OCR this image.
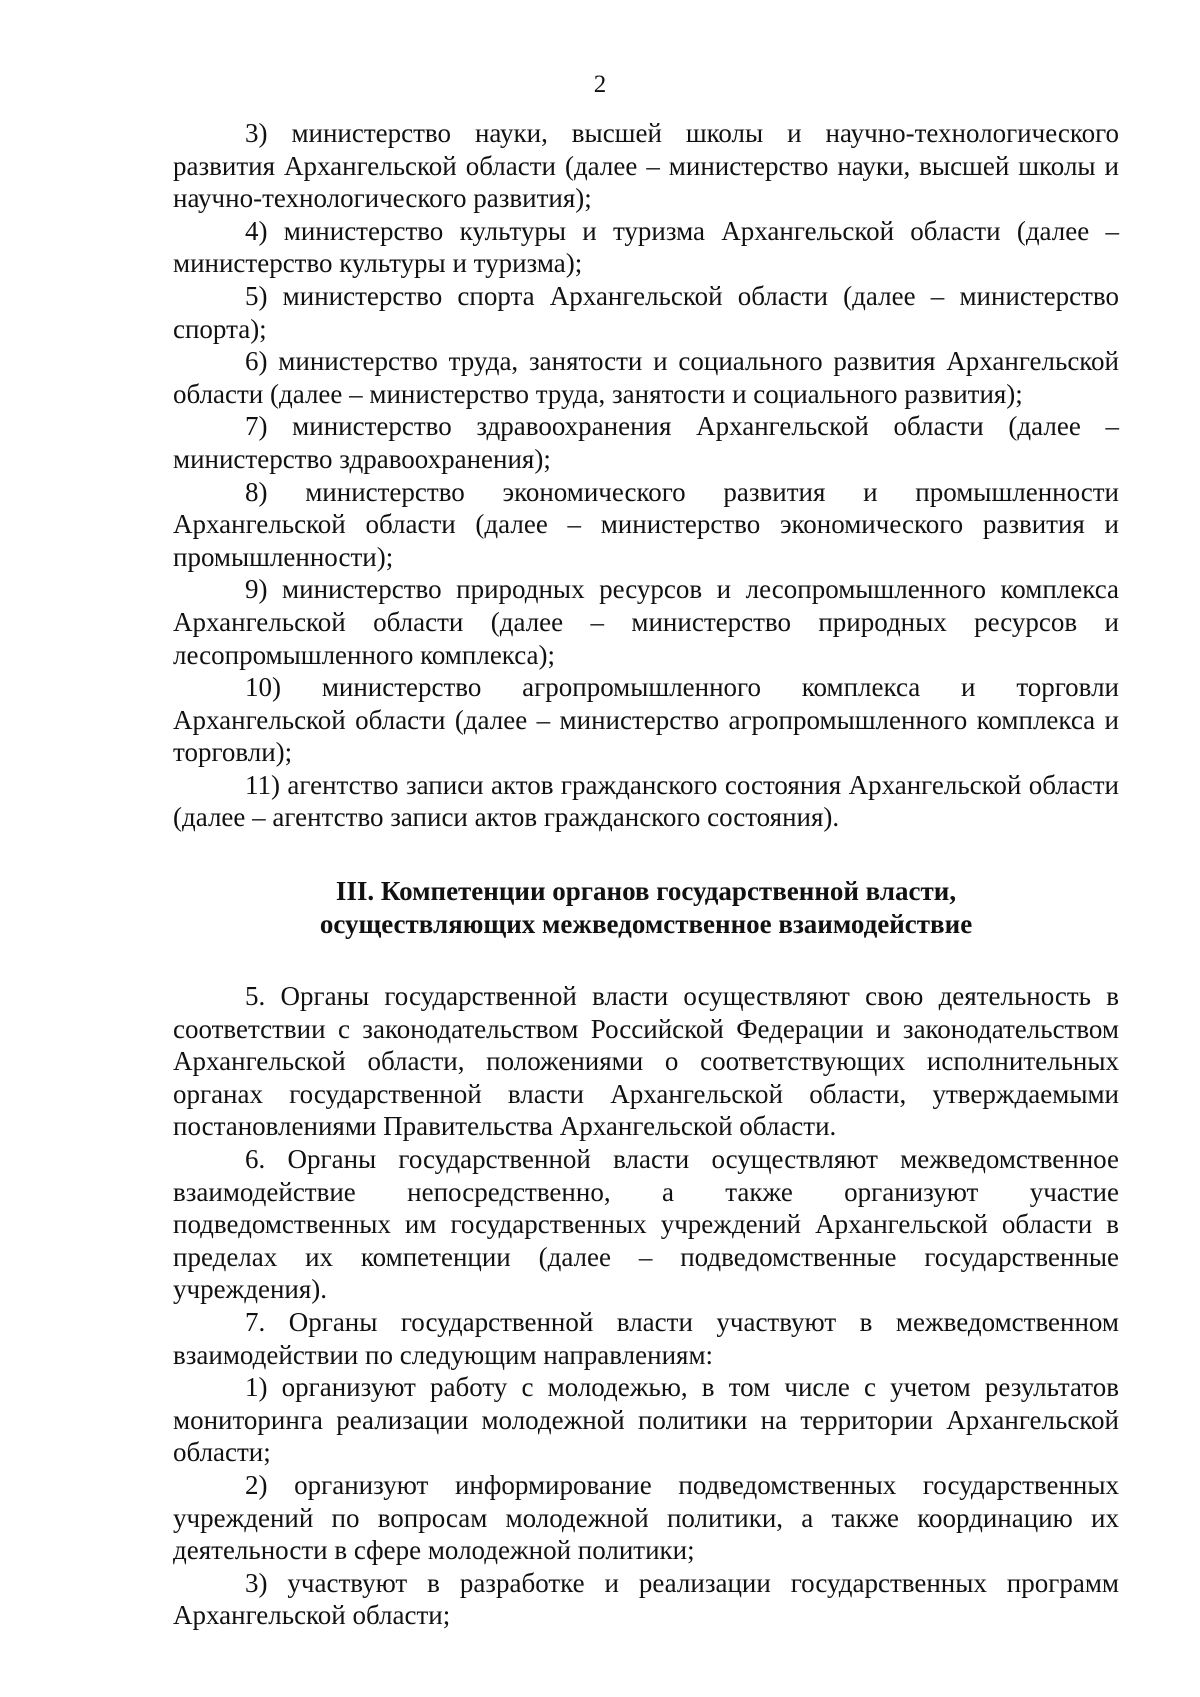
2

3) министерство науки, высшей школы и научно-технологического развития Архангельской области (далее – министерство науки, высшей школы и научно-технологического развития);

4) министерство культуры и туризма Архангельской области (далее – министерство культуры и туризма);

5) министерство спорта Архангельской области (далее – министерство спорта);

6) министерство труда, занятости и социального развития Архангельской области (далее – министерство труда, занятости и социального развития);

7) министерство здравоохранения Архангельской области (далее – министерство здравоохранения);

8) министерство экономического развития и промышленности Архангельской области (далее – министерство экономического развития и промышленности);

9) министерство природных ресурсов и лесопромышленного комплекса Архангельской области (далее – министерство природных ресурсов и лесопромышленного комплекса);

10) министерство агропромышленного комплекса и торговли Архангельской области (далее – министерство агропромышленного комплекса и торговли);

11) агентство записи актов гражданского состояния Архангельской области (далее – агентство записи актов гражданского состояния).

III. Компетенции органов государственной власти,
осуществляющих межведомственное взаимодействие

5. Органы государственной власти осуществляют свою деятельность в соответствии с законодательством Российской Федерации и законодательством Архангельской области, положениями о соответствующих исполнительных органах государственной власти Архангельской области, утверждаемыми постановлениями Правительства Архангельской области.

6. Органы государственной власти осуществляют межведомственное взаимодействие непосредственно, а также организуют участие подведомственных им государственных учреждений Архангельской области в пределах их компетенции (далее – подведомственные государственные учреждения).

7. Органы государственной власти участвуют в межведомственном взаимодействии по следующим направлениям:

1) организуют работу с молодежью, в том числе с учетом результатов мониторинга реализации молодежной политики на территории Архангельской области;

2) организуют информирование подведомственных государственных учреждений по вопросам молодежной политики, а также координацию их деятельности в сфере молодежной политики;

3) участвуют в разработке и реализации государственных программ Архангельской области;
